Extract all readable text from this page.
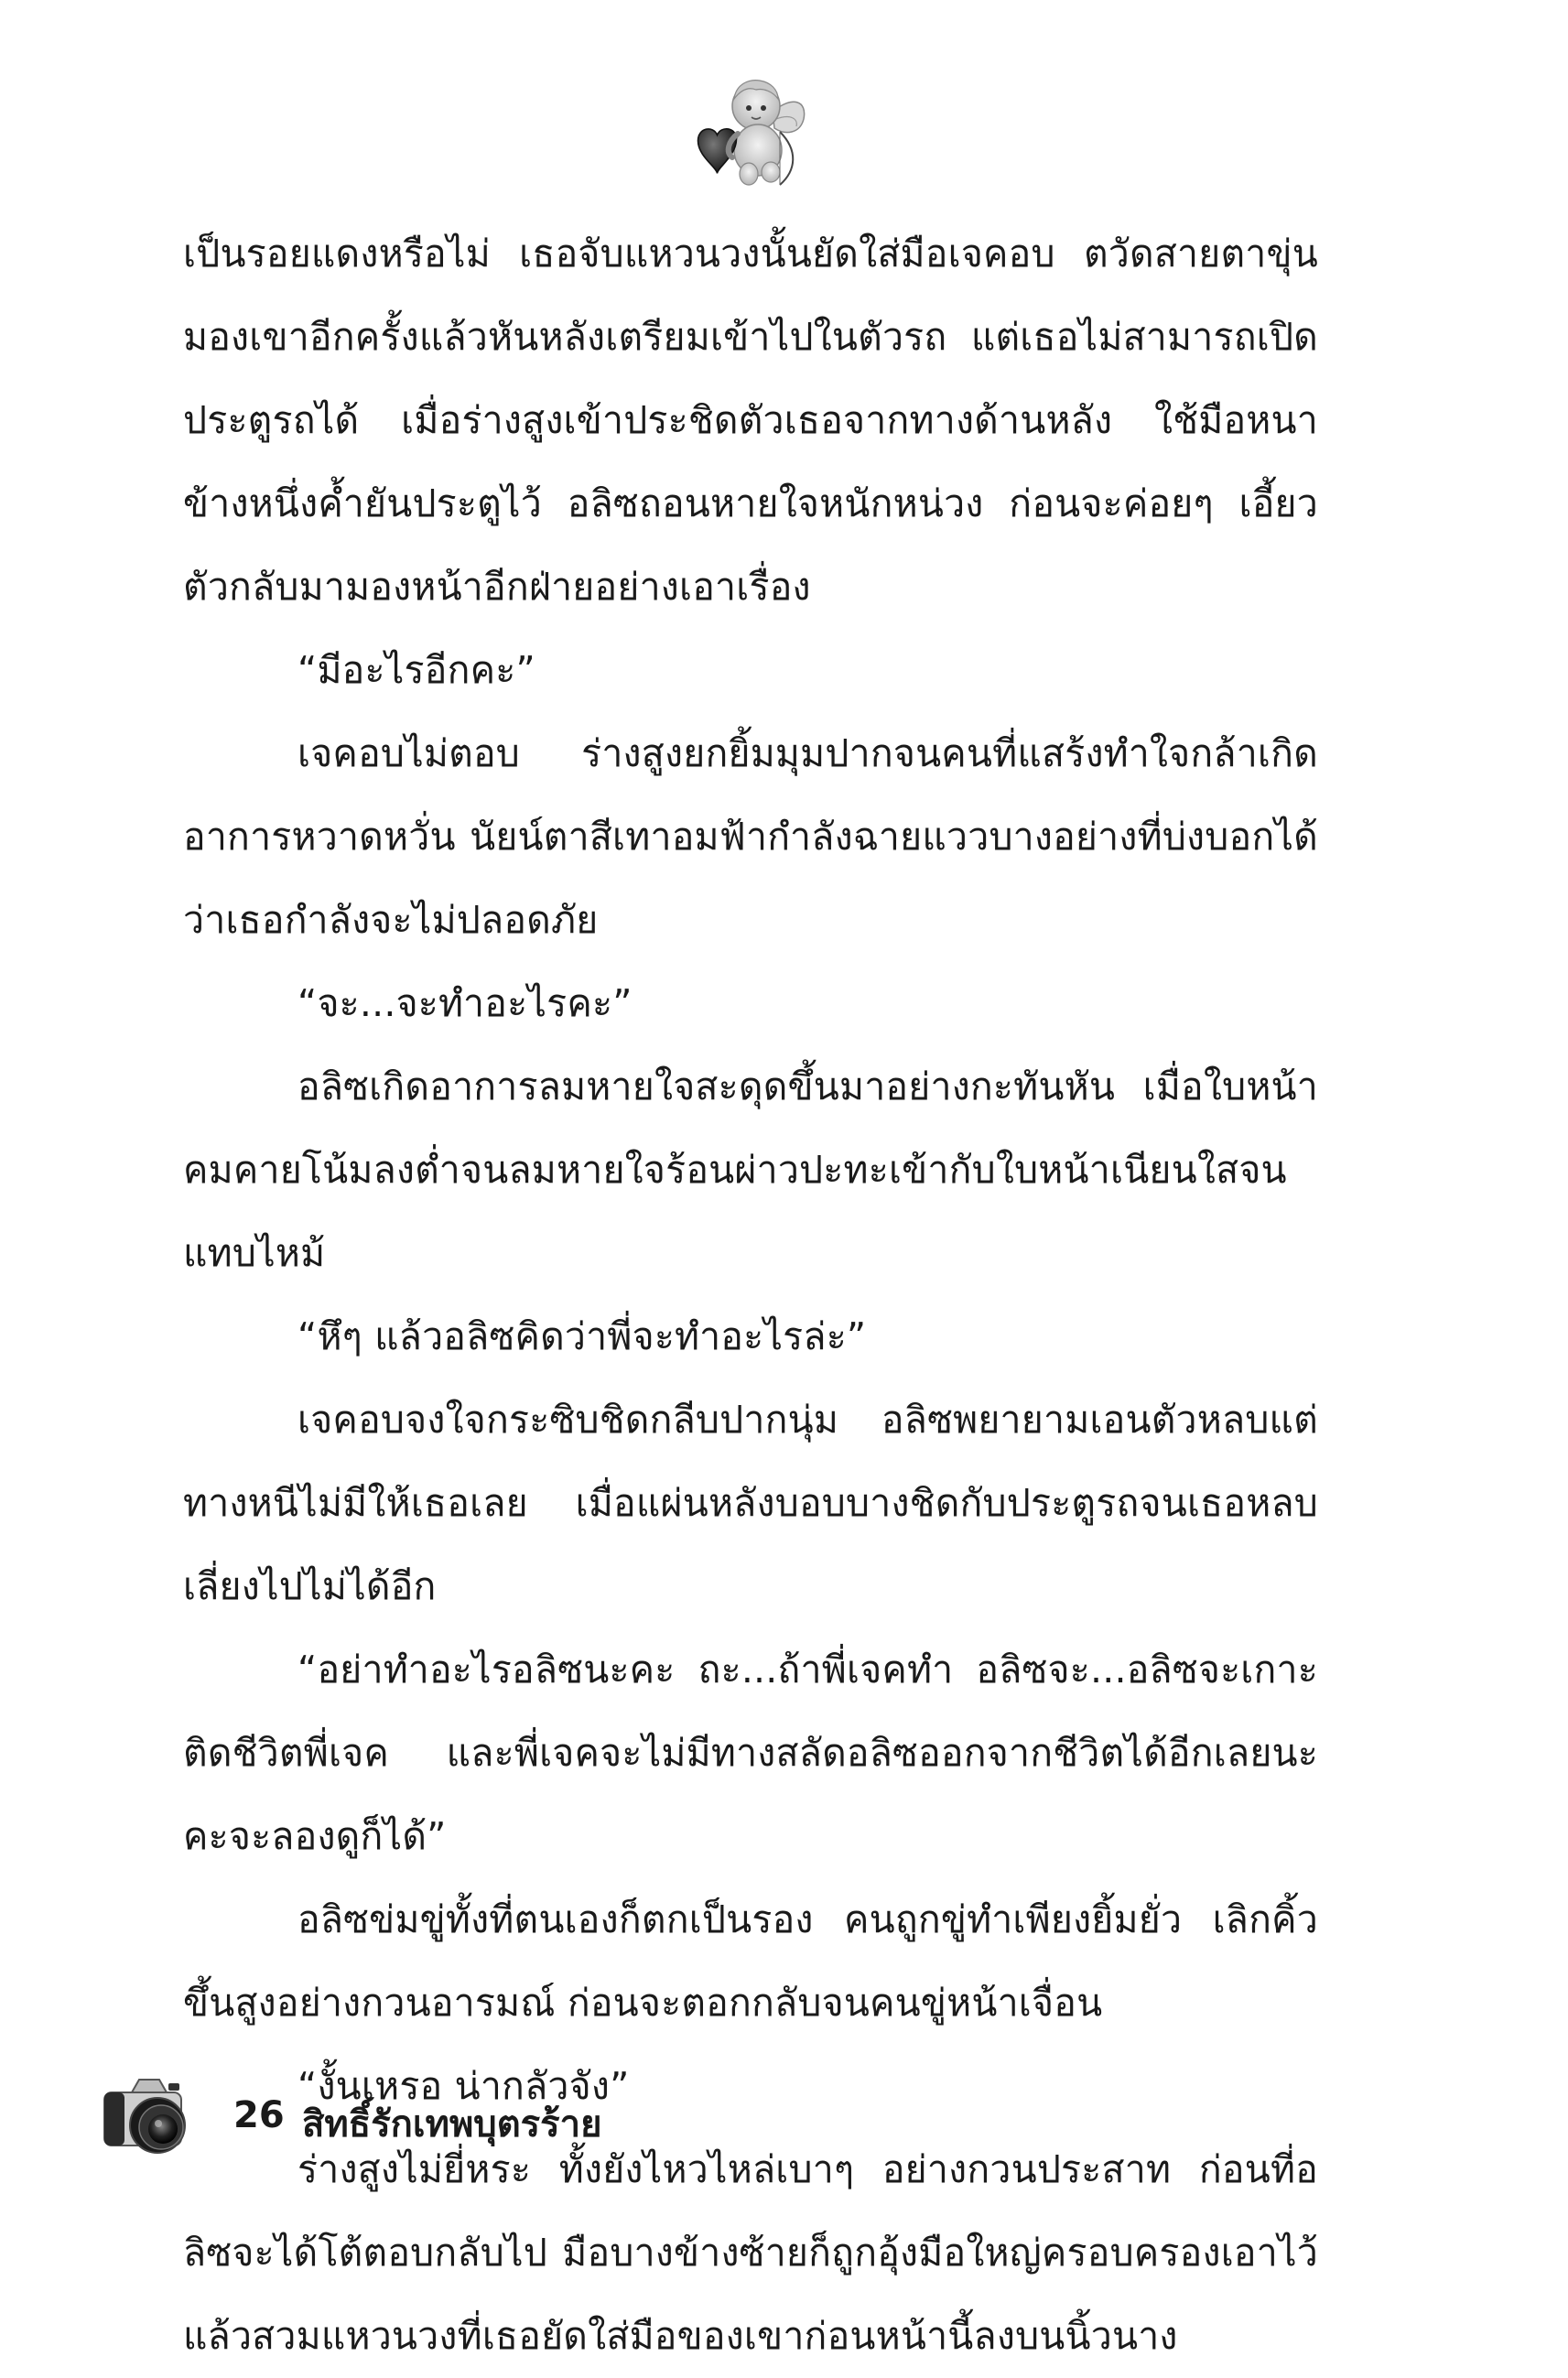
เป็นรอยแดงหรือไม่ เธอจับแหวนวงนั้นยัดใส่มือเจคอบ ตวัดสายตาขุ่นมองเขาอีกครั้งแล้วหันหลังเตรียมเข้าไปในตัวรถ แต่เธอไม่สามารถเปิดประตูรถได้ เมื่อร่างสูงเข้าประชิดตัวเธอจากทางด้านหลัง ใช้มือหนาข้างหนึ่งค้ำยันประตูไว้ อลิซถอนหายใจหนักหน่วง ก่อนจะค่อยๆ เอี้ยวตัวกลับมามองหน้าอีกฝ่ายอย่างเอาเรื่อง

“มีอะไรอีกคะ”

เจคอบไม่ตอบ ร่างสูงยกยิ้มมุมปากจนคนที่แสร้งทำใจกล้าเกิดอาการหวาดหวั่น นัยน์ตาสีเทาอมฟ้ากำลังฉายแววบางอย่างที่บ่งบอกได้ว่าเธอกำลังจะไม่ปลอดภัย

“จะ...จะทำอะไรคะ”

อลิซเกิดอาการลมหายใจสะดุดขึ้นมาอย่างกะทันหัน เมื่อใบหน้าคมคายโน้มลงต่ำจนลมหายใจร้อนผ่าวปะทะเข้ากับใบหน้าเนียนใสจนแทบไหม้

“หึๆ แล้วอลิซคิดว่าพี่จะทำอะไรล่ะ”

เจคอบจงใจกระซิบชิดกลีบปากนุ่ม อลิซพยายามเอนตัวหลบแต่ทางหนีไม่มีให้เธอเลย เมื่อแผ่นหลังบอบบางชิดกับประตูรถจนเธอหลบเลี่ยงไปไม่ได้อีก

“อย่าทำอะไรอลิซนะคะ ถะ...ถ้าพี่เจคทำ อลิซจะ...อลิซจะเกาะติดชีวิตพี่เจค และพี่เจคจะไม่มีทางสลัดอลิซออกจากชีวิตได้อีกเลยนะคะจะลองดูก็ได้”

อลิซข่มขู่ทั้งที่ตนเองก็ตกเป็นรอง คนถูกขู่ทำเพียงยิ้มยั่ว เลิกคิ้วขึ้นสูงอย่างกวนอารมณ์ ก่อนจะตอกกลับจนคนขู่หน้าเจื่อน

“งั้นเหรอ น่ากลัวจัง”

ร่างสูงไม่ยี่หระ ทั้งยังไหวไหล่เบาๆ อย่างกวนประสาท ก่อนที่อลิซจะได้โต้ตอบกลับไป มือบางข้างซ้ายก็ถูกอุ้งมือใหญ่ครอบครองเอาไว้ แล้วสวมแหวนวงที่เธอยัดใส่มือของเขาก่อนหน้านี้ลงบนนิ้วนาง

26 สิทธิ์รักเทพบุตรร้าย
